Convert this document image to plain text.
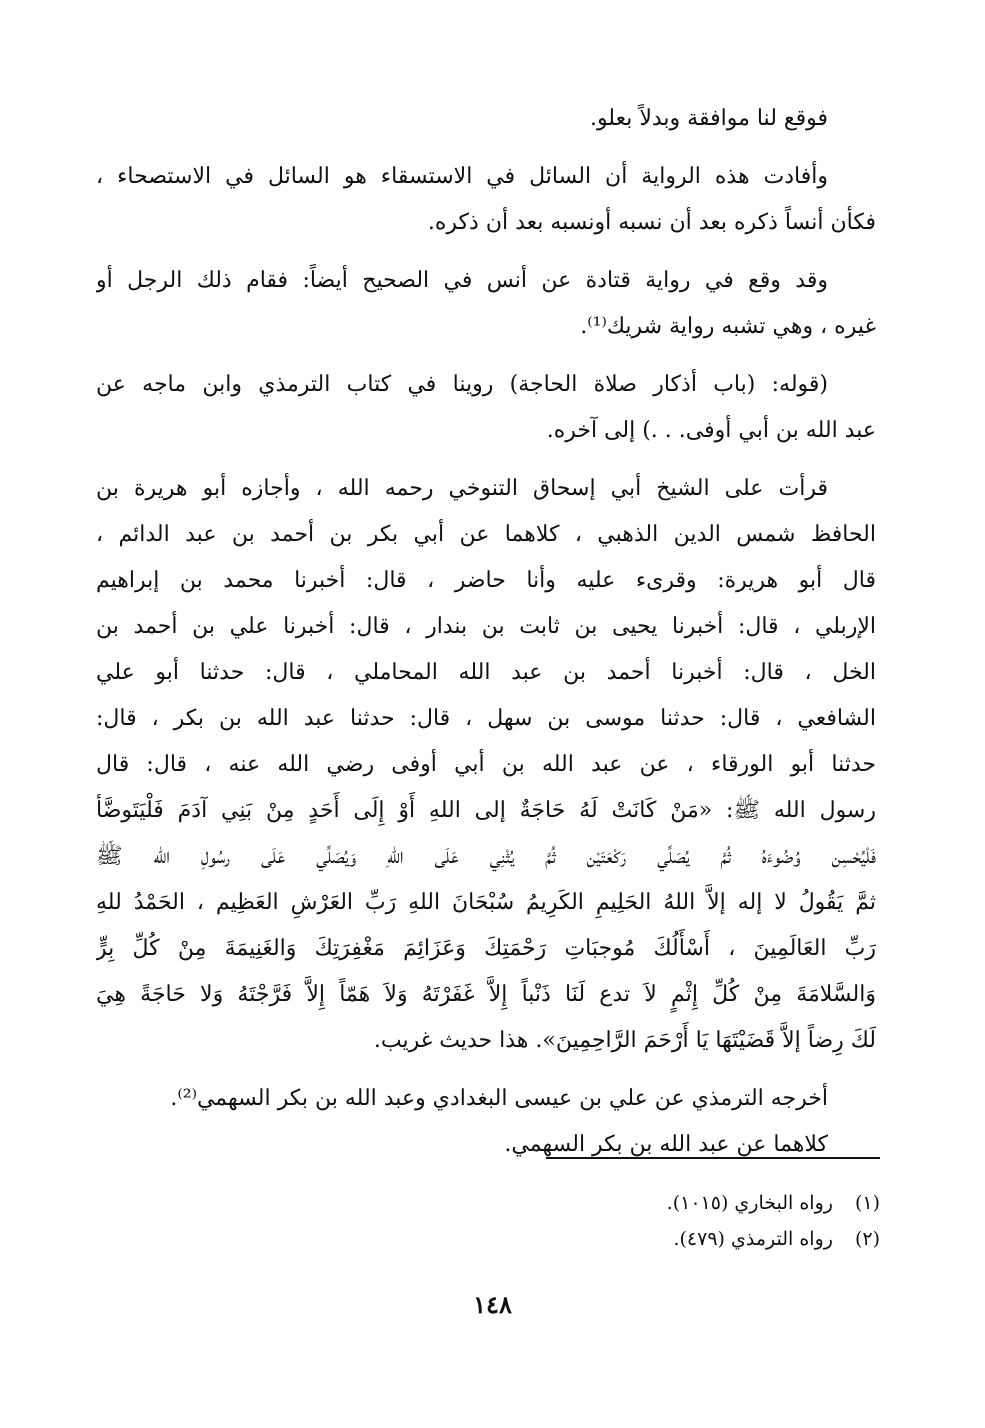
فوقع لنا موافقة وبدلاً بعلو.

وأفادت هذه الرواية أن السائل في الاستسقاء هو السائل في الاستصحاء ،
فكأن أنساً ذكره بعد أن نسبه أونسبه بعد أن ذكره.

وقد وقع في رواية قتادة عن أنس في الصحيح أيضاً: فقام ذلك الرجل أو
غيره ، وهي تشبه رواية شريك⁽¹⁾.

(قوله: (باب أذكار صلاة الحاجة) روينا في كتاب الترمذي وابن ماجه عن
عبد الله بن أبي أوفى. . .) إلى آخره.

قرأت على الشيخ أبي إسحاق التنوخي رحمه الله ، وأجازه أبو هريرة بن
الحافظ شمس الدين الذهبي ، كلاهما عن أبي بكر بن أحمد بن عبد الدائم ،
قال أبو هريرة: وقرىء عليه وأنا حاضر ، قال: أخبرنا محمد بن إبراهيم
الإربلي ، قال: أخبرنا يحيى بن ثابت بن بندار ، قال: أخبرنا علي بن أحمد بن
الخل ، قال: أخبرنا أحمد بن عبد الله المحاملي ، قال: حدثنا أبو علي
الشافعي ، قال: حدثنا موسى بن سهل ، قال: حدثنا عبد الله بن بكر ، قال:
حدثنا أبو الورقاء ، عن عبد الله بن أبي أوفى رضي الله عنه ، قال: قال
رسول الله ﷺ: «مَنْ كَانَتْ لَهُ حَاجَةٌ إلى اللهِ أَوْ إِلَى أَحَدٍ مِنْ بَنِي آدَمَ فَلْيَتَوضَّأ
فَلْيُحْسِن وُضُوءَهُ ثُمَّ يُصَلِّي رَكْعَتَيْن ثُمَّ يُثْنِي عَلَى اللهِ وَيُصَلِّي عَلَى رسُولِ الله ﷺ
ثمَّ يَقُولُ لا إله إلاَّ اللهُ الحَلِيمِ الكَرِيمُ سُبْحَانَ اللهِ رَبِّ العَرْشِ العَظِيم ، الحَمْدُ للهِ
رَبِّ العَالَمِينَ ، أَسْأَلُكَ مُوجبَاتِ رَحْمَتِكَ وَعَزَائِمَ مَغْفِرَتِكَ وَالغَنِيمَةَ مِنْ كُلِّ بِرٍّ
وَالسَّلامَةَ مِنْ كُلِّ إِثْمٍ لاَ تدع لَنَا ذَنْباً إِلاَّ غَفَرْتَهُ وَلاَ هَمّاً إِلاَّ فَرَّجْتَهُ وَلا حَاجَةً هِيَ
لَكَ رِضاً إلاَّ قَضَيْتَهَا يَا أَرْحَمَ الرَّاحِمِينَ». هذا حديث غريب.

أخرجه الترمذي عن علي بن عيسى البغدادي وعبد الله بن بكر السهمي⁽²⁾.

كلاهما عن عبد الله بن بكر السهمي.

(١)
رواه البخاري (١٠١٥).
(٢)
رواه الترمذي (٤٧٩).
١٤٨
